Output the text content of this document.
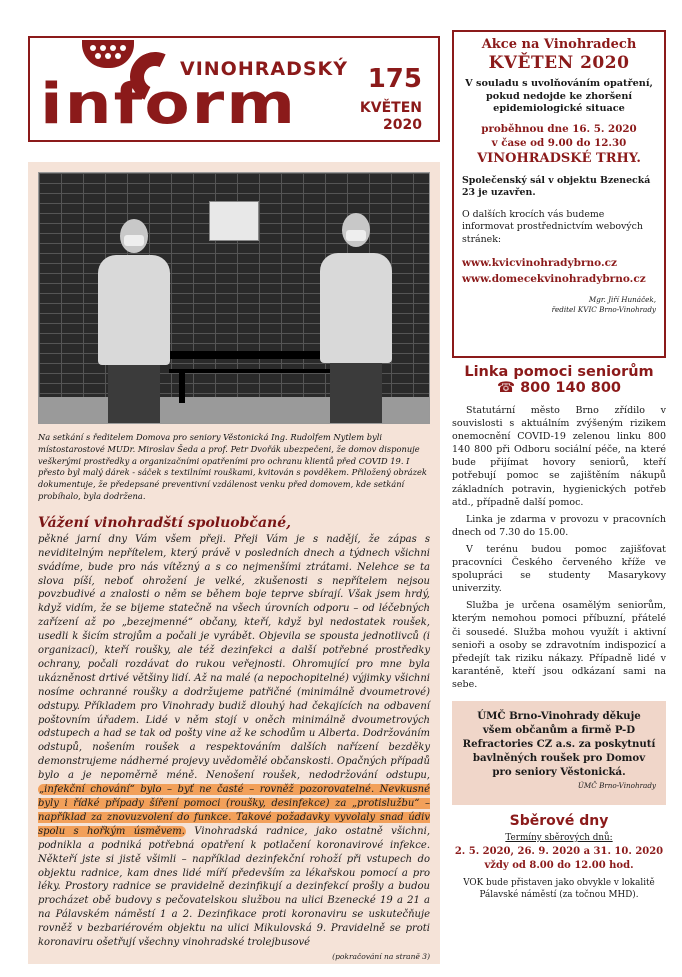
VINOHRADSKÝ
inform	175
KVĚTEN
2020
Na setkání s ředitelem Domova pro seniory Věstonická Ing. Rudolfem Nytlem byli místostarostové MUDr. Miroslav Šeda a prof. Petr Dvořák ubezpečeni, že domov disponuje veškerými prostředky a organizačními opatřeními pro ochranu klientů před COVID 19. I přesto byl malý dárek - sáček s textilními rouškami, kvitován s povděkem. Přiložený obrázek dokumentuje, že předepsané preventivní vzdálenost venku před domovem, kde setkání probíhalo, byla dodržena.
Vážení vinohradští spoluobčané,
pěkné jarní dny Vám všem přeji. Přeji Vám je s nadějí, že zápas s neviditelným nepřítelem, který právě v posledních dnech a týdnech všichni svádíme, bude pro nás vítězný a s co nejmenšími ztrátami. Nelehce se ta slova píší, neboť ohrožení je velké, zkušenosti s nepřítelem nejsou povzbudivé a znalosti o něm se během boje teprve sbírají. Však jsem hrdý, když vidím, že se bijeme statečně na všech úrovních odporu – od léčebných zařízení až po „bezejmenné“ občany, kteří, když byl nedostatek roušek, usedli k šicím strojům a počali je vyrábět. Objevila se spousta jednotlivců (i organizací), kteří roušky, ale též dezinfekci a další potřebné prostředky ochrany, počali rozdávat do rukou veřejnosti. Ohromující pro mne byla ukázněnost drtivé většiny lidí. Až na malé (a nepochopitelné) výjimky všichni nosíme ochranné roušky a dodržujeme patřičné (minimálně dvoumetrové) odstupy. Příkladem pro Vinohrady budiž dlouhý had čekajících na odbavení poštovním úřadem. Lidé v něm stojí v oněch minimálně dvoumetrových odstupech a had se tak od pošty vine až ke schodům u Alberta. Dodržováním odstupů, nošením roušek a respektováním dalších nařízení bezděky demonstrujeme nádherné projevy uvědomělé občanskosti. Opačných případů bylo a je nepoměrně méně. Nenošení roušek, nedodržování odstupu, „infekční chování“ bylo – byť ne časté – rovněž pozorovatelné. Nevkusné byly i řídké případy šíření pomoci (roušky, desinfekce) za „protislužbu“ – například za znovuzvolení do funkce. Takové požadavky vyvolaly snad údiv spolu s hořkým úsměvem. Vinohradská radnice, jako ostatně všichni, podnikla a podniká potřebná opatření k potlačení koronavirové infekce. Někteří jste si jistě všimli – například dezinfekční rohoží při vstupech do objektu radnice, kam dnes lidé míří především za lékařskou pomocí a pro léky. Prostory radnice se pravidelně dezinfikují a dezinfekcí prošly a budou procházet obě budovy s pečovatelskou službou na ulici Bzenecké 19 a 21 a na Pálavském náměstí 1 a 2. Dezinfikace proti koronaviru se uskutečňuje rovněž v bezbariérovém objektu na ulici Mikulovská 9. Pravidelně se proti koronaviru ošetřují všechny vinohradské trolejbusové
(pokračování na straně 3)
Akce na Vinohradech
KVĚTEN 2020
V souladu s uvolňováním opatření, pokud nedojde ke zhoršení epidemiologické situace
proběhnou dne 16. 5. 2020
v čase od 9.00 do 12.30
VINOHRADSKÉ TRHY.
Společenský sál v objektu Bzenecká 23 je uzavřen.
O dalších krocích vás budeme informovat prostřednictvím webových stránek:
www.kvicvinohradybrno.cz
www.domecekvinohradybrno.cz
Mgr. Jiří Hunáček,
ředitel KVIC Brno-Vinohrady
Linka pomoci seniorům
☎ 800 140 800

Statutární město Brno zřídilo v souvislosti s aktuálním zvýšeným rizikem onemocnění COVID-19 zelenou linku 800 140 800 při Odboru sociální péče, na které bude přijímat hovory seniorů, kteří potřebují pomoc se zajištěním nákupů základních potravin, hygienických potřeb atd., případně další pomoc.

Linka je zdarma v provozu v pracovních dnech od 7.30 do 15.00.

V terénu budou pomoc zajišťovat pracovníci Českého červeného kříže ve spolupráci se studenty Masarykovy univerzity.

Služba je určena osamělým seniorům, kterým nemohou pomoci příbuzní, přátelé či sousedé. Služba mohou využít i aktivní senioři a osoby se zdravotním indispozicí a předejít tak riziku nákazy. Případně lidé v karanténě, kteří jsou odkázaní sami na sebe.

ÚMČ Brno-Vinohrady děkuje všem občanům a firmě P-D Refractories CZ a.s. za poskytnutí bavlněných roušek pro Domov pro seniory Věstonická.
ÚMČ Brno-Vinohrady
Sběrové dny
Termíny sběrových dnů:
2. 5. 2020, 26. 9. 2020 a 31. 10. 2020 vždy od 8.00 do 12.00 hod.
VOK bude přistaven jako obvykle v lokalitě Pálavské náměstí (za točnou MHD).
